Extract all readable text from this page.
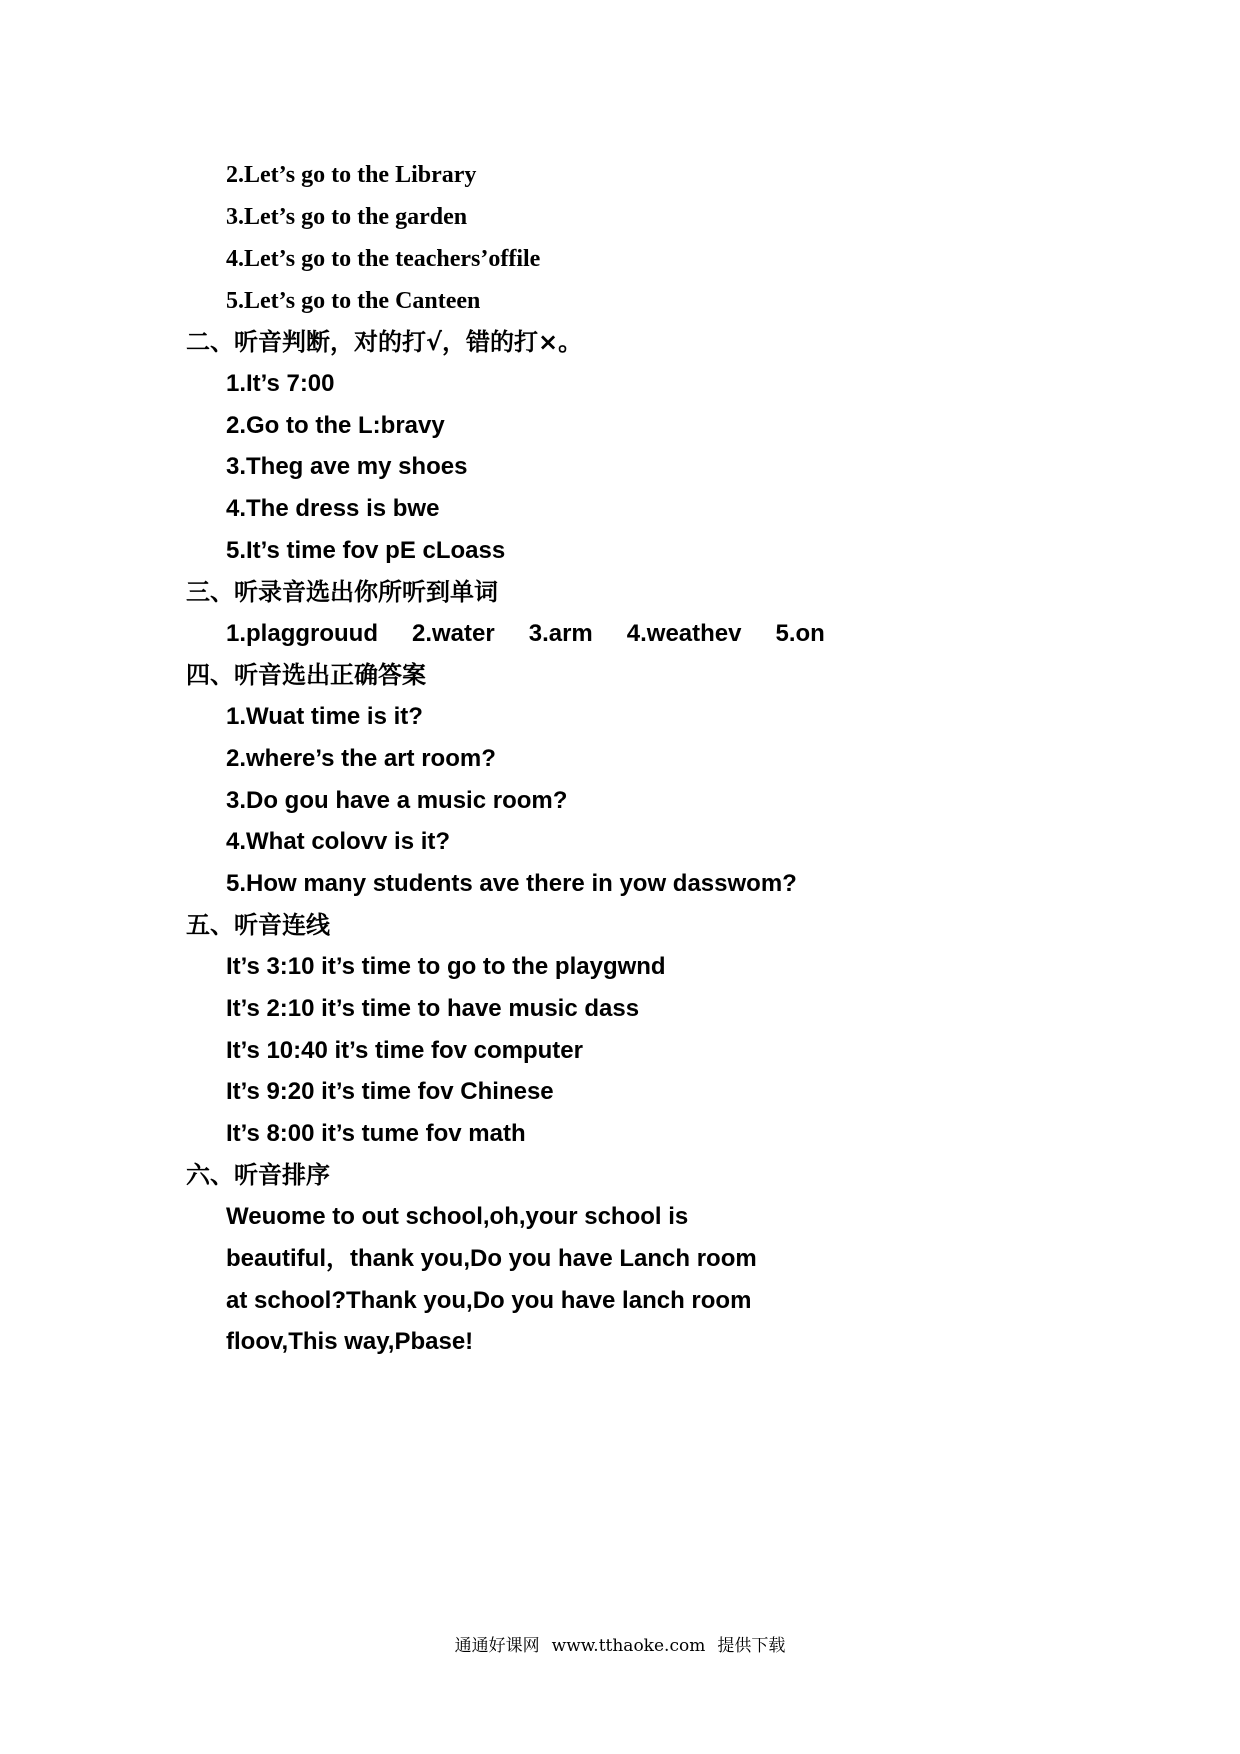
2.Let’s go to the Library
3.Let’s go to the garden
4.Let’s go to the teachers’offile
5.Let’s go to the Canteen
二、听音判断，对的打√，错的打×。
1.It’s 7:00
2.Go to the L:bravy
3.Theg ave my shoes
4.The dress is bwe
5.It’s time fov pE cLoass
三、听录音选出你所听到单词
1.plaggrouud 2.water 3.arm 4.weathev 5.on
四、听音选出正确答案
1.Wuat time is it?
2.where’s the art room?
3.Do gou have a music room?
4.What colovv is it?
5.How many students ave there in yow dasswom?
五、听音连线
It’s 3:10 it’s time to go to the playgwnd
It’s 2:10 it’s time to have music dass
It’s 10:40 it’s time fov computer
It’s 9:20 it’s time fov Chinese
It’s 8:00 it’s tume fov math
六、听音排序
Weuome to out school,oh,your school is
beautiful，thank you,Do you have Lanch room
at school?Thank you,Do you have lanch room
floov,This way,Pbase!
通通好课网 www.tthaoke.com 提供下载
